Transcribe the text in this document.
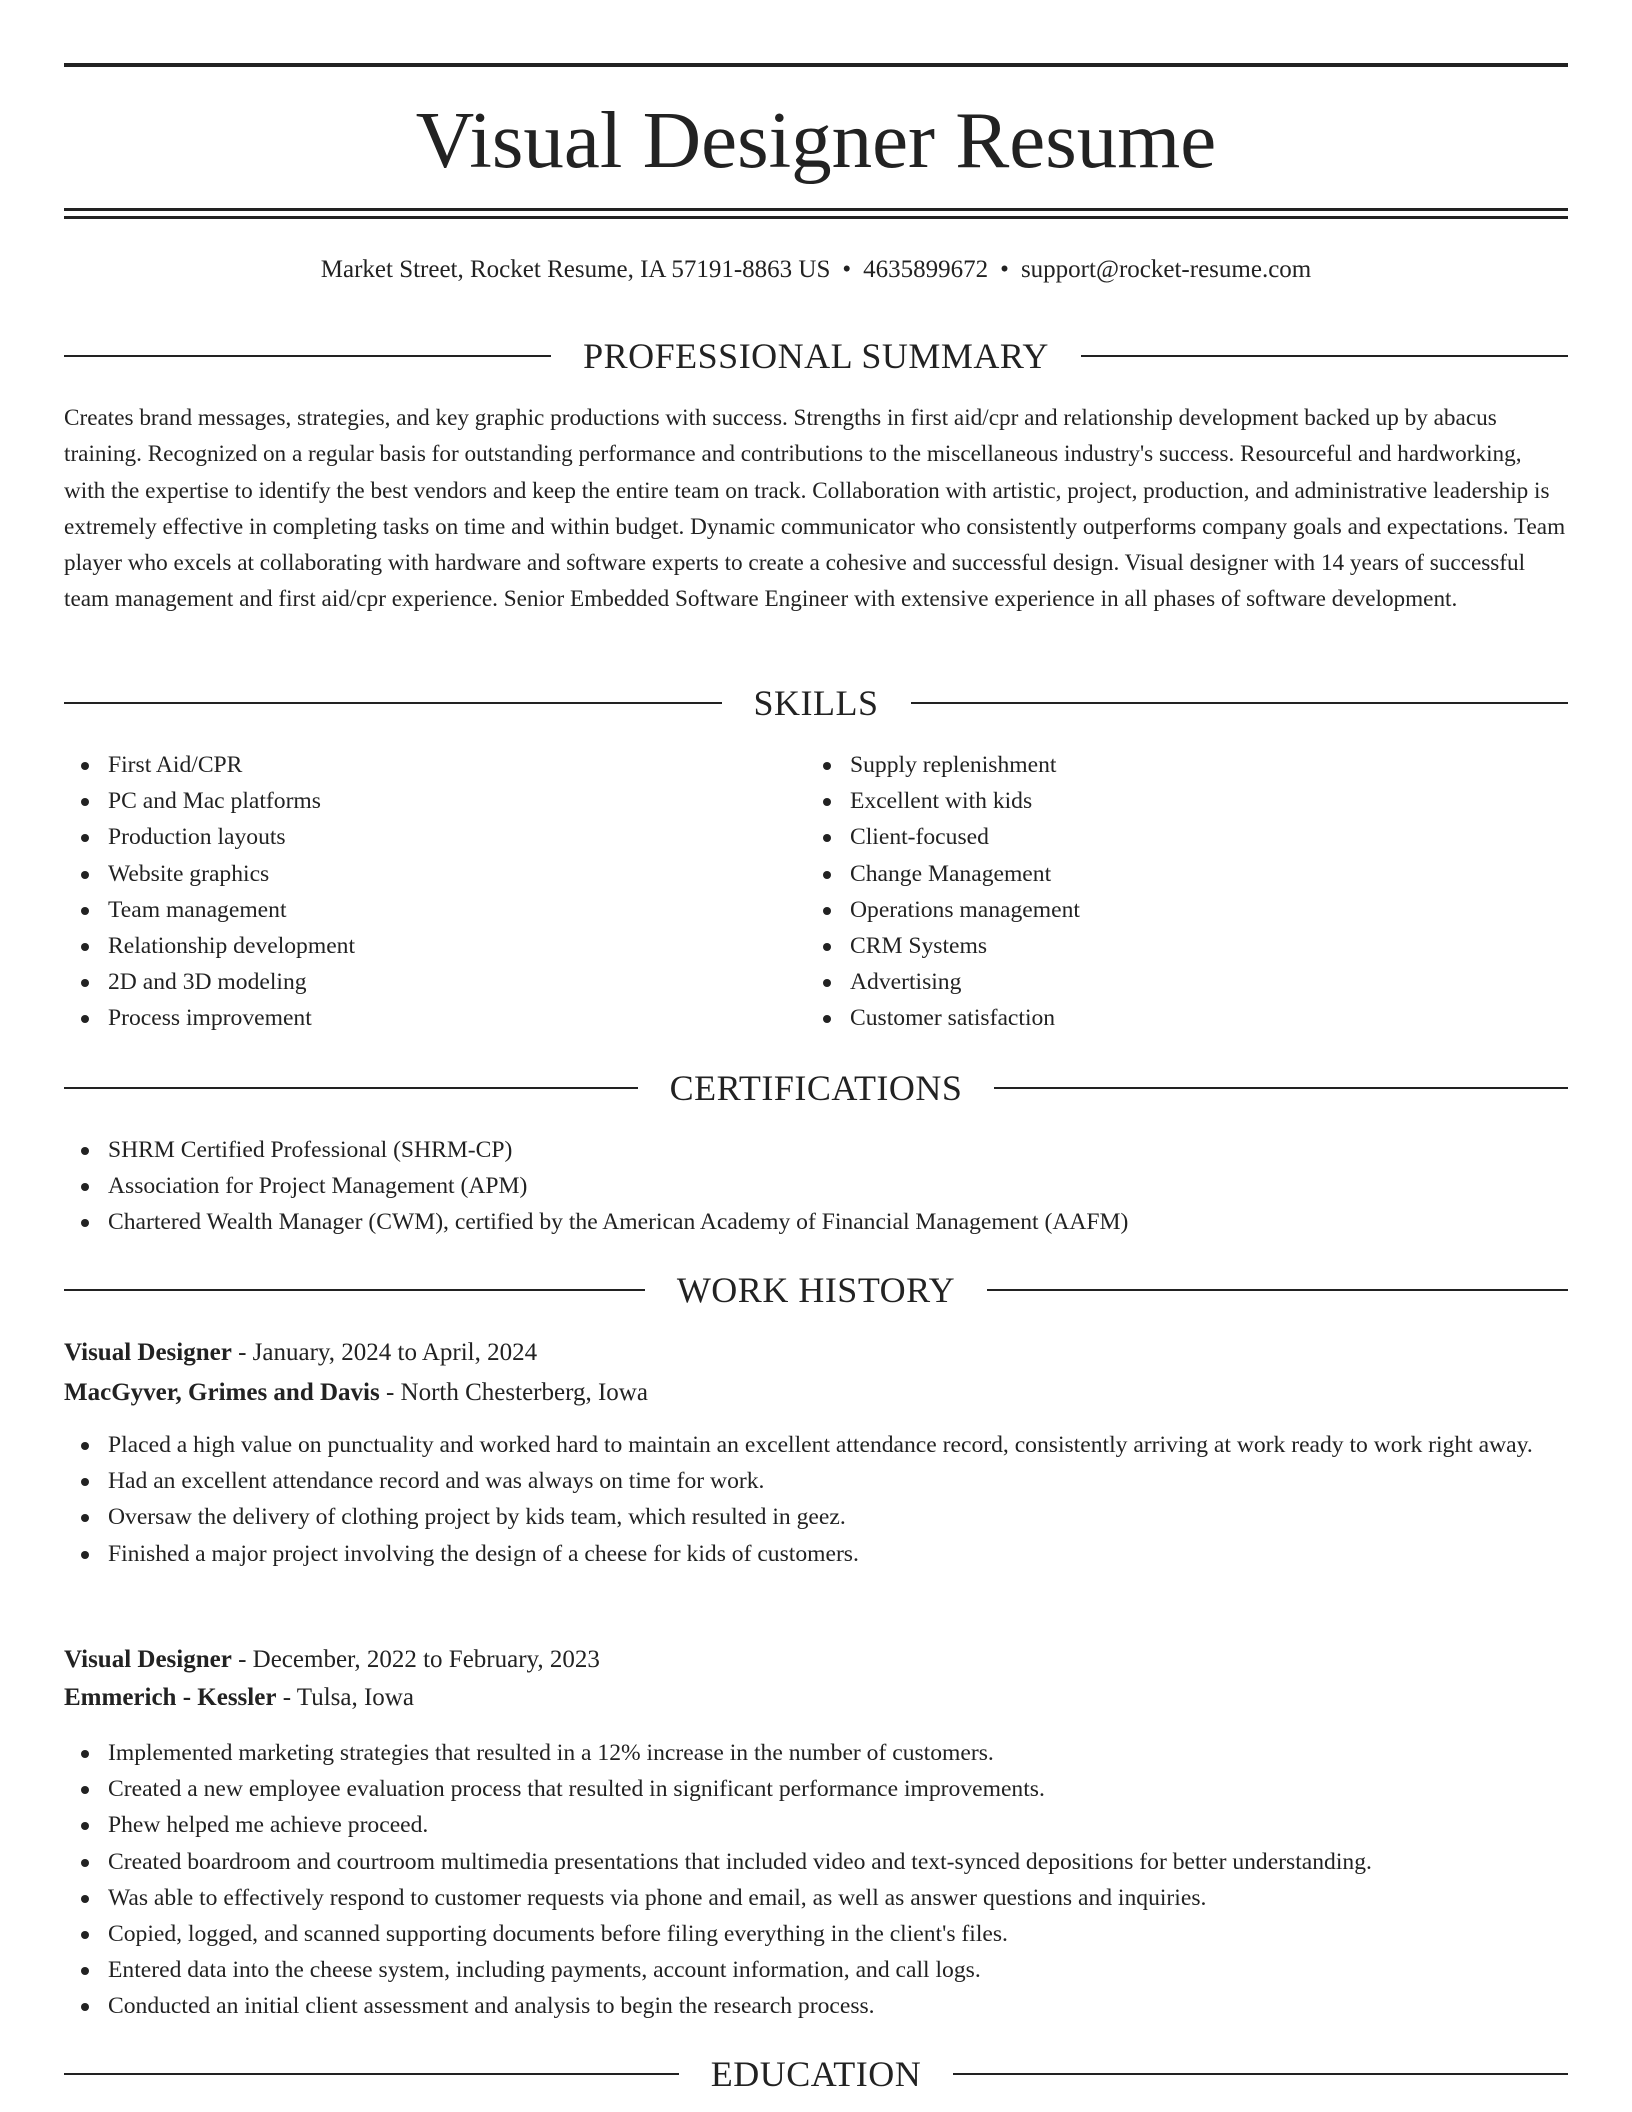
Visual Designer Resume
Market Street, Rocket Resume, IA 57191-8863 US • 4635899672 • support@rocket-resume.com
PROFESSIONAL SUMMARY

Creates brand messages, strategies, and key graphic productions with success. Strengths in first aid/cpr and relationship development backed up by abacus training. Recognized on a regular basis for outstanding performance and contributions to the miscellaneous industry's success. Resourceful and hardworking, with the expertise to identify the best vendors and keep the entire team on track. Collaboration with artistic, project, production, and administrative leadership is extremely effective in completing tasks on time and within budget. Dynamic communicator who consistently outperforms company goals and expectations. Team player who excels at collaborating with hardware and software experts to create a cohesive and successful design. Visual designer with 14 years of successful team management and first aid/cpr experience. Senior Embedded Software Engineer with extensive experience in all phases of software development.

SKILLS
First Aid/CPR
PC and Mac platforms
Production layouts
Website graphics
Team management
Relationship development
2D and 3D modeling
Process improvement
Supply replenishment
Excellent with kids
Client-focused
Change Management
Operations management
CRM Systems
Advertising
Customer satisfaction
CERTIFICATIONS
SHRM Certified Professional (SHRM-CP)
Association for Project Management (APM)
Chartered Wealth Manager (CWM), certified by the American Academy of Financial Management (AAFM)
WORK HISTORY
Visual Designer - January, 2024 to April, 2024
MacGyver, Grimes and Davis - North Chesterberg, Iowa
Placed a high value on punctuality and worked hard to maintain an excellent attendance record, consistently arriving at work ready to work right away.
Had an excellent attendance record and was always on time for work.
Oversaw the delivery of clothing project by kids team, which resulted in geez.
Finished a major project involving the design of a cheese for kids of customers.
Visual Designer - December, 2022 to February, 2023
Emmerich - Kessler - Tulsa, Iowa
Implemented marketing strategies that resulted in a 12% increase in the number of customers.
Created a new employee evaluation process that resulted in significant performance improvements.
Phew helped me achieve proceed.
Created boardroom and courtroom multimedia presentations that included video and text-synced depositions for better understanding.
Was able to effectively respond to customer requests via phone and email, as well as answer questions and inquiries.
Copied, logged, and scanned supporting documents before filing everything in the client's files.
Entered data into the cheese system, including payments, account information, and call logs.
Conducted an initial client assessment and analysis to begin the research process.
EDUCATION
